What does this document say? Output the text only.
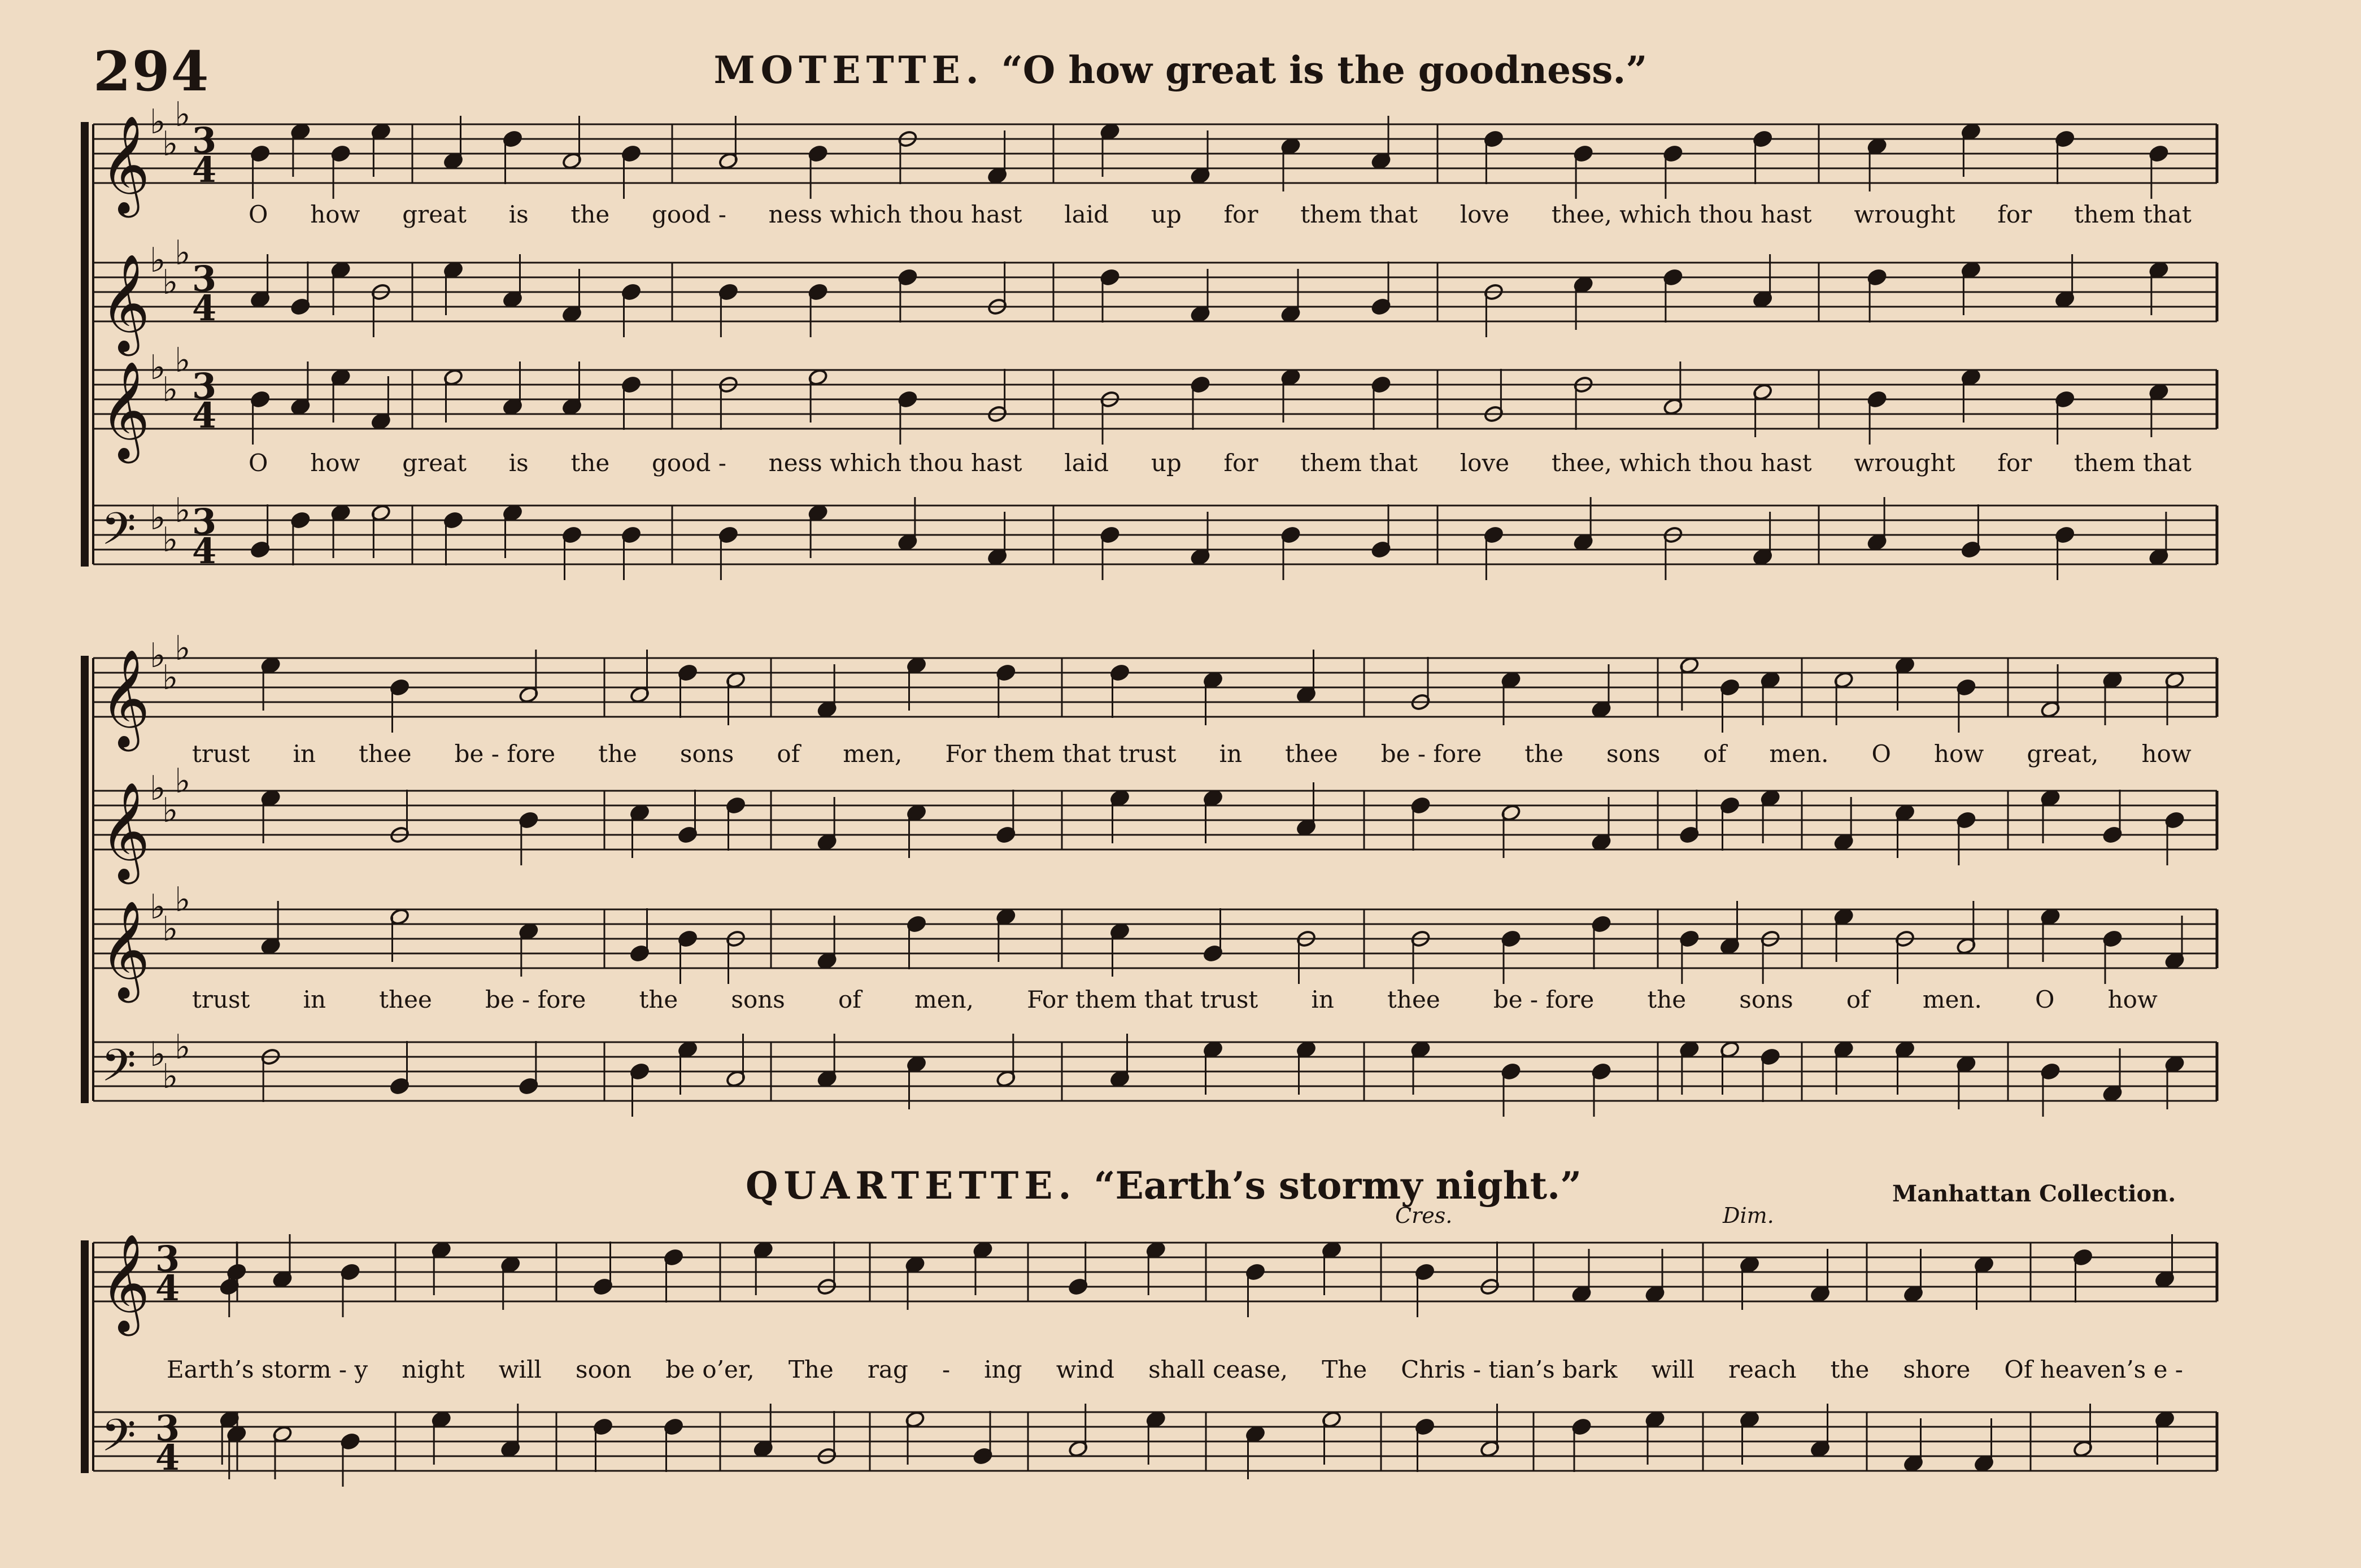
294	MOTETTE. “O how great is the goodness.”
QUARTETTE. “Earth’s stormy night.”	Manhattan Collection.
Cres.	Dim.
𝄞 ♭
♭
♭
3
4
𝄞 ♭
♭
♭
3
4
𝄞 ♭
♭
♭
3
4
𝄢 ♭
♭
♭ 3
4
𝄞 ♭
♭
♭
𝄞 ♭
♭
♭
𝄞 ♭
♭
♭
𝄢 ♭
♭
♭
𝄞 3
4
𝄢 3
4
O how great is the good - ness which thou hast laid up for them that love thee, which thou hast wrought for them that
O how great is the good - ness which thou hast laid up for them that love thee, which thou hast wrought for them that
trust in thee be - fore the sons of men, For them that trust in thee be - fore the sons of men. O how great, how
trust in thee be - fore the sons of men, For them that trust in thee be - fore the sons of men. O how
Earth’s storm - y night will soon be o’er, The rag - ing wind shall cease, The Chris - tian’s bark will reach the shore Of heaven’s e -
